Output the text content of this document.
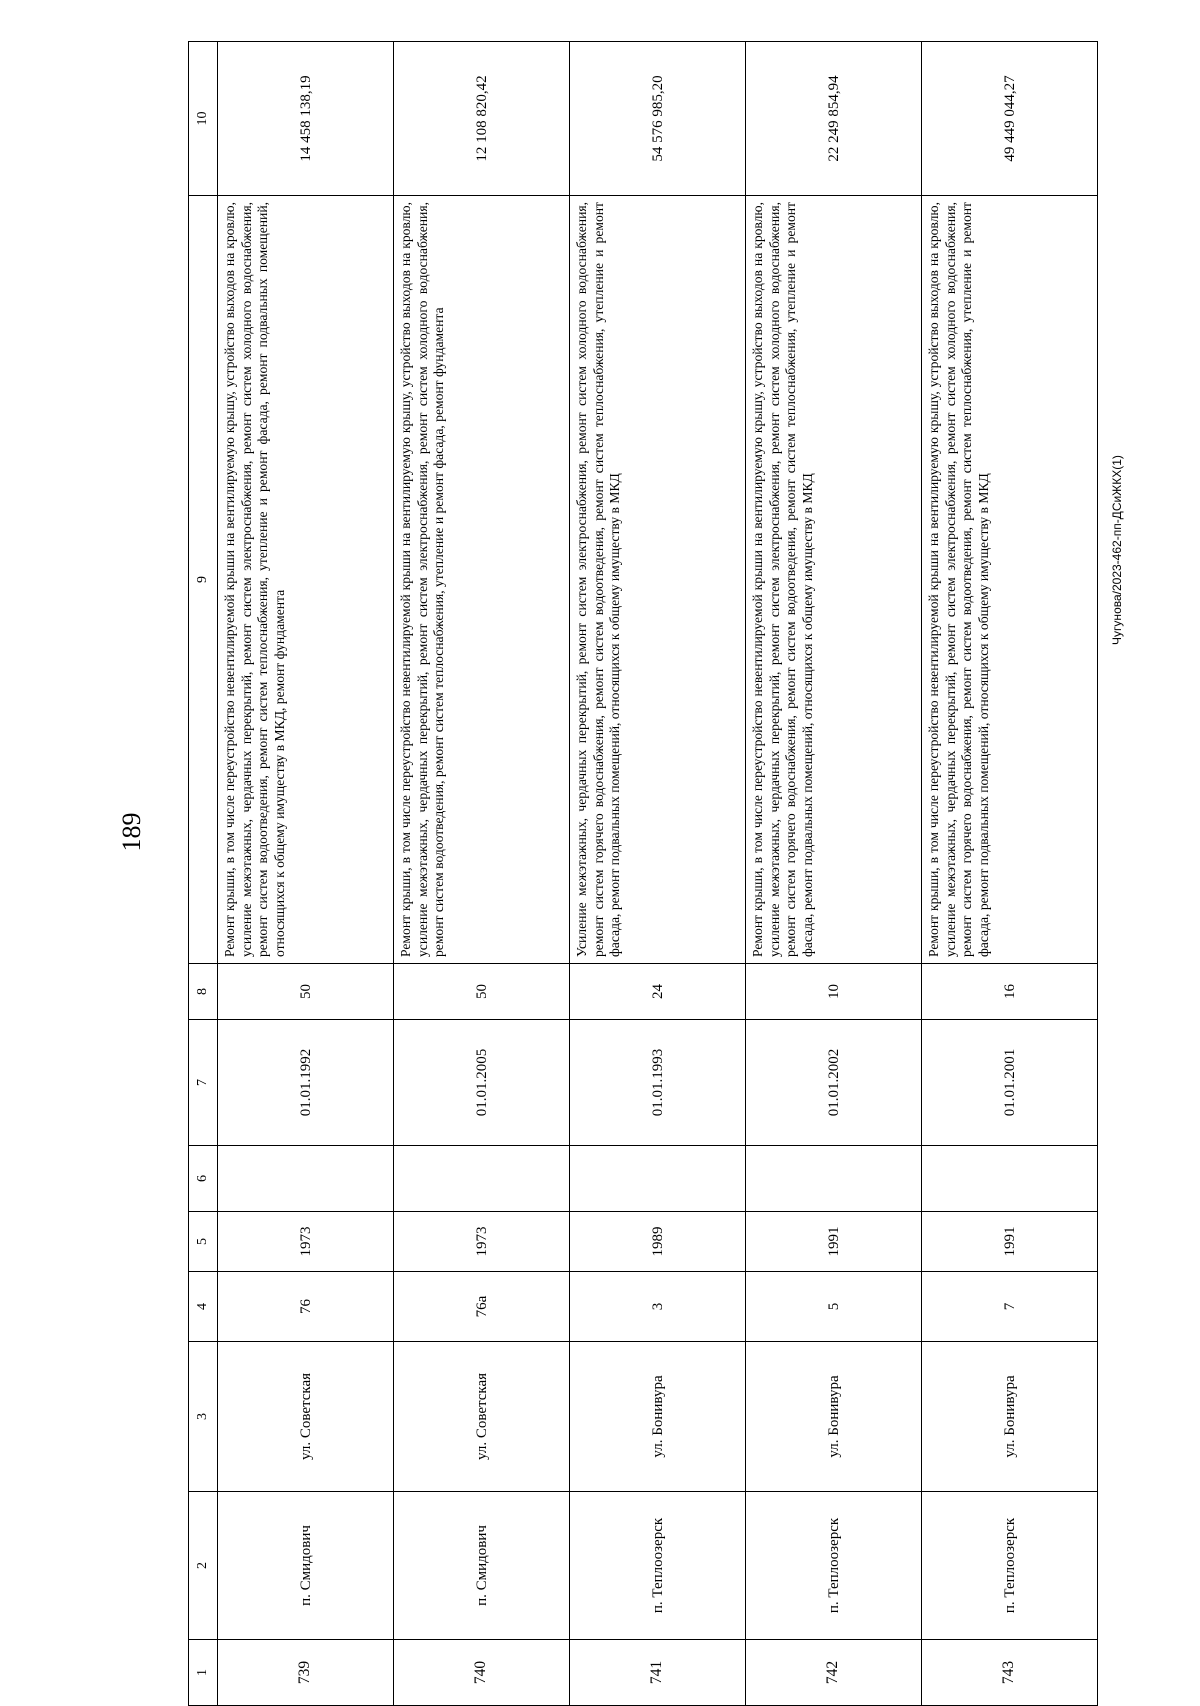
189
Чугунова/2023-462-пп-ДСиЖКХ(1)
1	2	3	4	5	6	7	8	9	10
739	п. Смидович	ул. Советская	76	1973		01.01.1992	50	Ремонт крыши, в том числе переустройство невентилируемой крыши на вентилируемую крышу, устройство выходов на кровлю, усиление межэтажных, чердачных перекрытий, ремонт систем электроснабжения, ремонт систем холодного водоснабжения, ремонт систем водоотведения, ремонт систем теплоснабжения, утепление и ремонт фасада, ремонт подвальных помещений, относящихся к общему имуществу в МКД, ремонт фундамента	14 458 138,19
740	п. Смидович	ул. Советская	76а	1973		01.01.2005	50	Ремонт крыши, в том числе переустройство невентилируемой крыши на вентилируемую крышу, устройство выходов на кровлю, усиление межэтажных, чердачных перекрытий, ремонт систем электроснабжения, ремонт систем холодного водоснабжения, ремонт систем водоотведения, ремонт систем теплоснабжения, утепление и ремонт фасада, ремонт фундамента	12 108 820,42
741	п. Теплоозерск	ул. Бонивура	3	1989		01.01.1993	24	Усиление межэтажных, чердачных перекрытий, ремонт систем электроснабжения, ремонт систем холодного водоснабжения, ремонт систем горячего водоснабжения, ремонт систем водоотведения, ремонт систем теплоснабжения, утепление и ремонт фасада, ремонт подвальных помещений, относящихся к общему имуществу в МКД	54 576 985,20
742	п. Теплоозерск	ул. Бонивура	5	1991		01.01.2002	10	Ремонт крыши, в том числе переустройство невентилируемой крыши на вентилируемую крышу, устройство выходов на кровлю, усиление межэтажных, чердачных перекрытий, ремонт систем электроснабжения, ремонт систем холодного водоснабжения, ремонт систем горячего водоснабжения, ремонт систем водоотведения, ремонт систем теплоснабжения, утепление и ремонт фасада, ремонт подвальных помещений, относящихся к общему имуществу в МКД	22 249 854,94
743	п. Теплоозерск	ул. Бонивура	7	1991		01.01.2001	16	Ремонт крыши, в том числе переустройство невентилируемой крыши на вентилируемую крышу, устройство выходов на кровлю, усиление межэтажных, чердачных перекрытий, ремонт систем электроснабжения, ремонт систем холодного водоснабжения, ремонт систем горячего водоснабжения, ремонт систем водоотведения, ремонт систем теплоснабжения, утепление и ремонт фасада, ремонт подвальных помещений, относящихся к общему имуществу в МКД	49 449 044,27
